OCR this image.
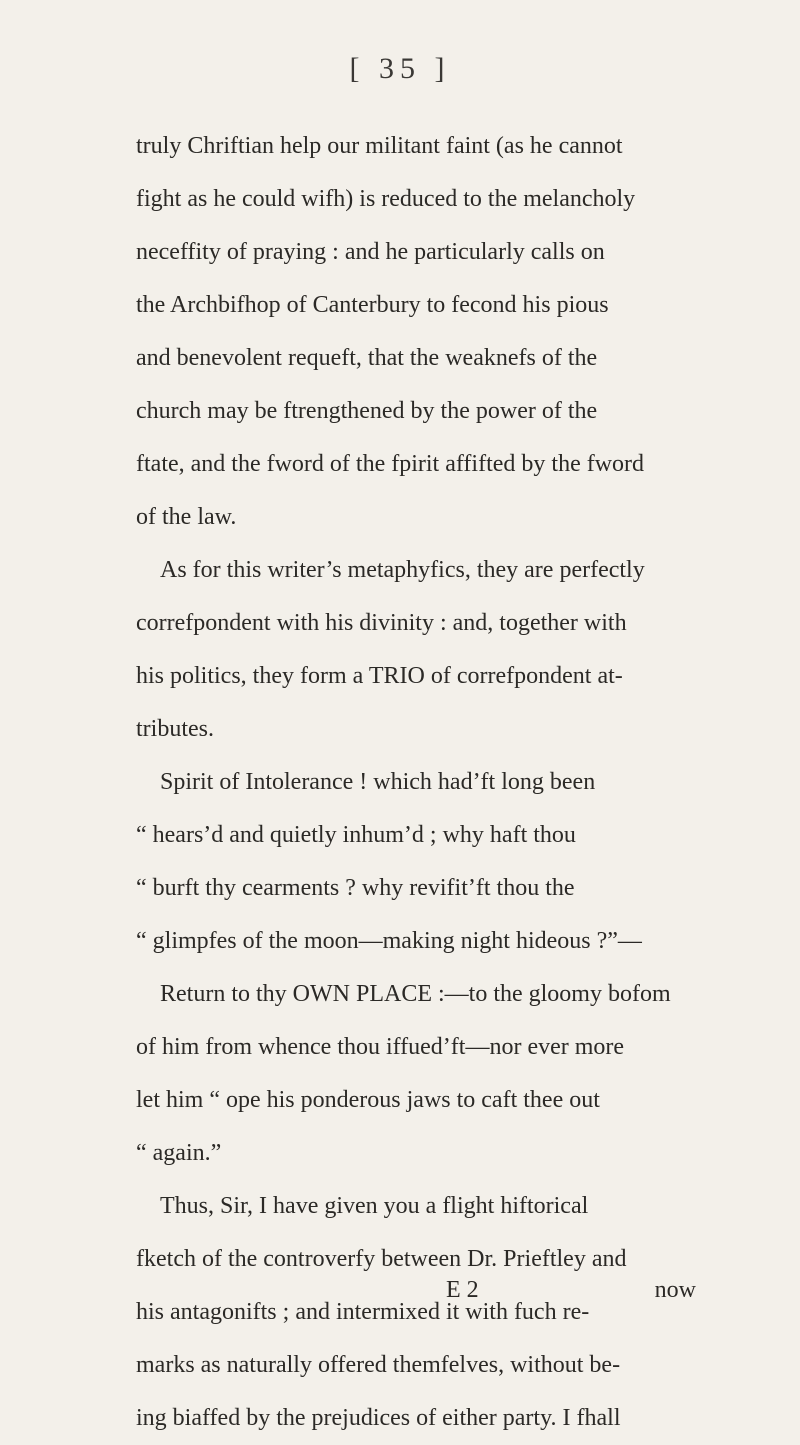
[ 35 ]
truly Chriftian help our militant faint (as he cannot
fight as he could wifh) is reduced to the melancholy
neceffity of praying : and he particularly calls on
the Archbifhop of Canterbury to fecond his pious
and benevolent requeft, that the weaknefs of the
church may be ftrengthened by the power of the
ftate, and the fword of the fpirit affifted by the fword
of the law.
As for this writer’s metaphyfics, they are perfectly
correfpondent with his divinity : and, together with
his politics, they form a TRIO of correfpondent at-
tributes.
Spirit of Intolerance ! which had’ft long been
“ hears’d and quietly inhum’d ; why haft thou
“ burft thy cearments ? why revifit’ft thou the
“ glimpfes of the moon—making night hideous ?”—
Return to thy OWN PLACE :—to the gloomy bofom
of him from whence thou iffued’ft—nor ever more
let him “ ope his ponderous jaws to caft thee out
“ again.”
Thus, Sir, I have given you a flight hiftorical
fketch of the controverfy between Dr. Prieftley and
his antagonifts ; and intermixed it with fuch re-
marks as naturally offered themfelves, without be-
ing biaffed by the prejudices of either party. I fhall
E 2	now
